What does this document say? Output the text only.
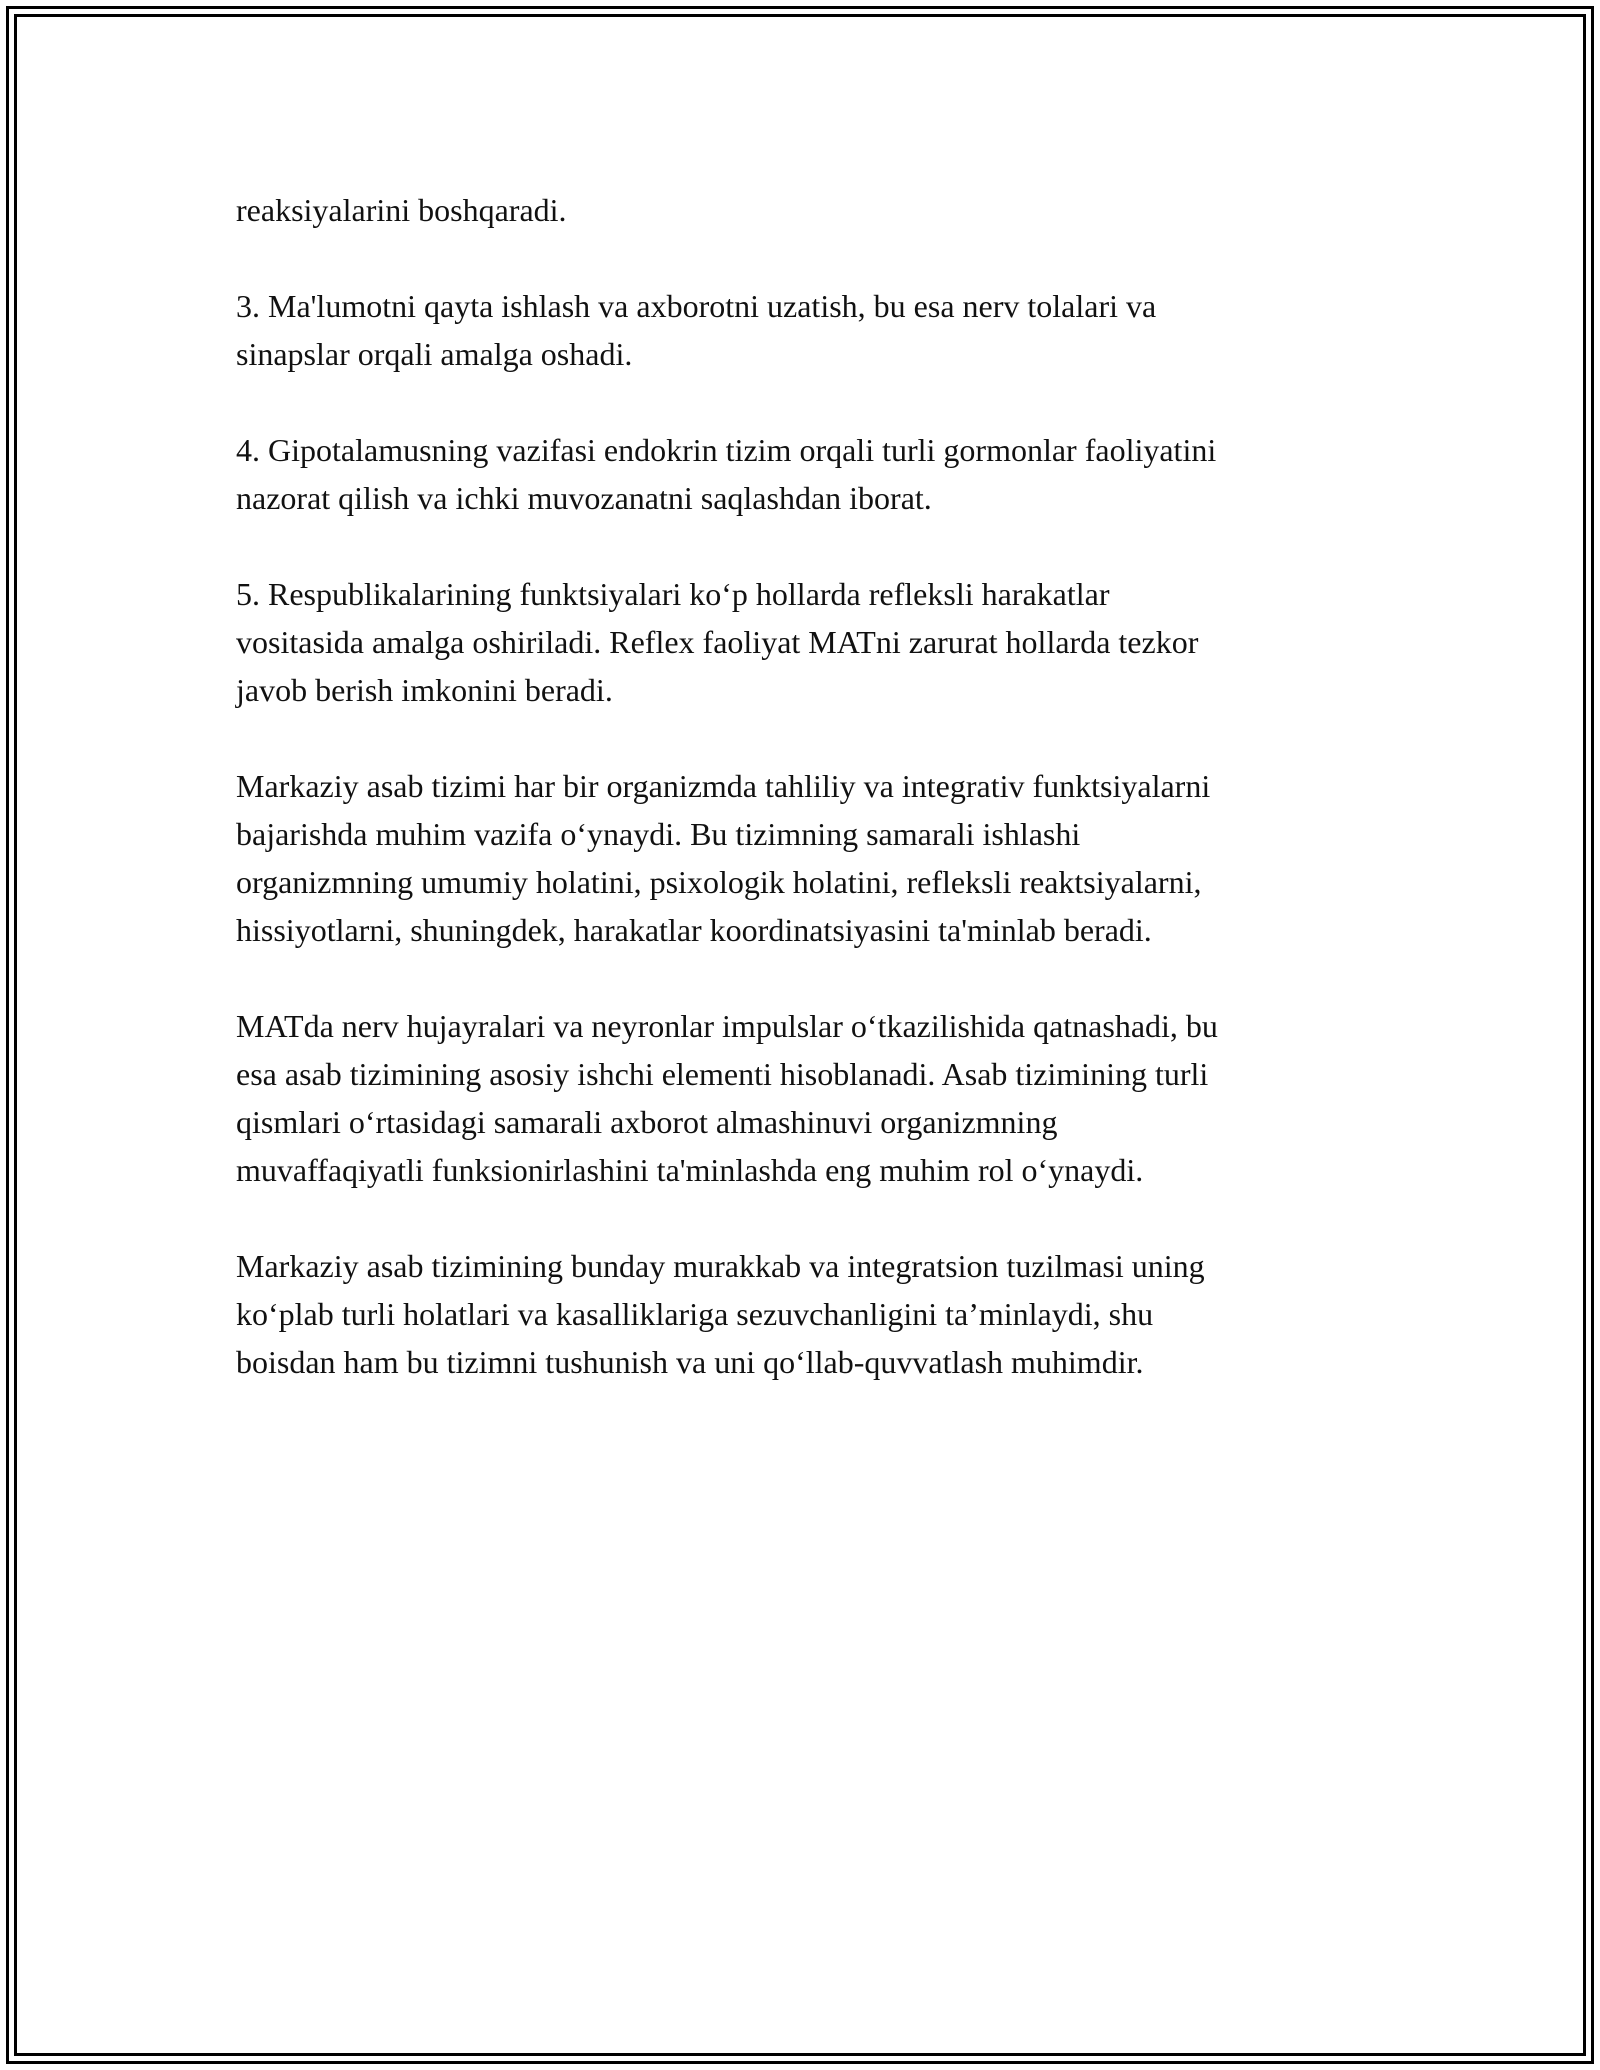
reaksiyalarini boshqaradi.

3. Ma'lumotni qayta ishlash va axborotni uzatish, bu esa nerv tolalari va
sinapslar orqali amalga oshadi.

4. Gipotalamusning vazifasi endokrin tizim orqali turli gormonlar faoliyatini
nazorat qilish va ichki muvozanatni saqlashdan iborat.

5. Respublikalarining funktsiyalari ko‘p hollarda refleksli harakatlar
vositasida amalga oshiriladi. Reflex faoliyat MATni zarurat hollarda tezkor
javob berish imkonini beradi.

Markaziy asab tizimi har bir organizmda tahliliy va integrativ funktsiyalarni
bajarishda muhim vazifa o‘ynaydi. Bu tizimning samarali ishlashi
organizmning umumiy holatini, psixologik holatini, refleksli reaktsiyalarni,
hissiyotlarni, shuningdek, harakatlar koordinatsiyasini ta'minlab beradi.

MATda nerv hujayralari va neyronlar impulslar o‘tkazilishida qatnashadi, bu
esa asab tizimining asosiy ishchi elementi hisoblanadi. Asab tizimining turli
qismlari o‘rtasidagi samarali axborot almashinuvi organizmning
muvaffaqiyatli funksionirlashini ta'minlashda eng muhim rol o‘ynaydi.

Markaziy asab tizimining bunday murakkab va integratsion tuzilmasi uning
ko‘plab turli holatlari va kasalliklariga sezuvchanligini ta’minlaydi, shu
boisdan ham bu tizimni tushunish va uni qo‘llab-quvvatlash muhimdir.
